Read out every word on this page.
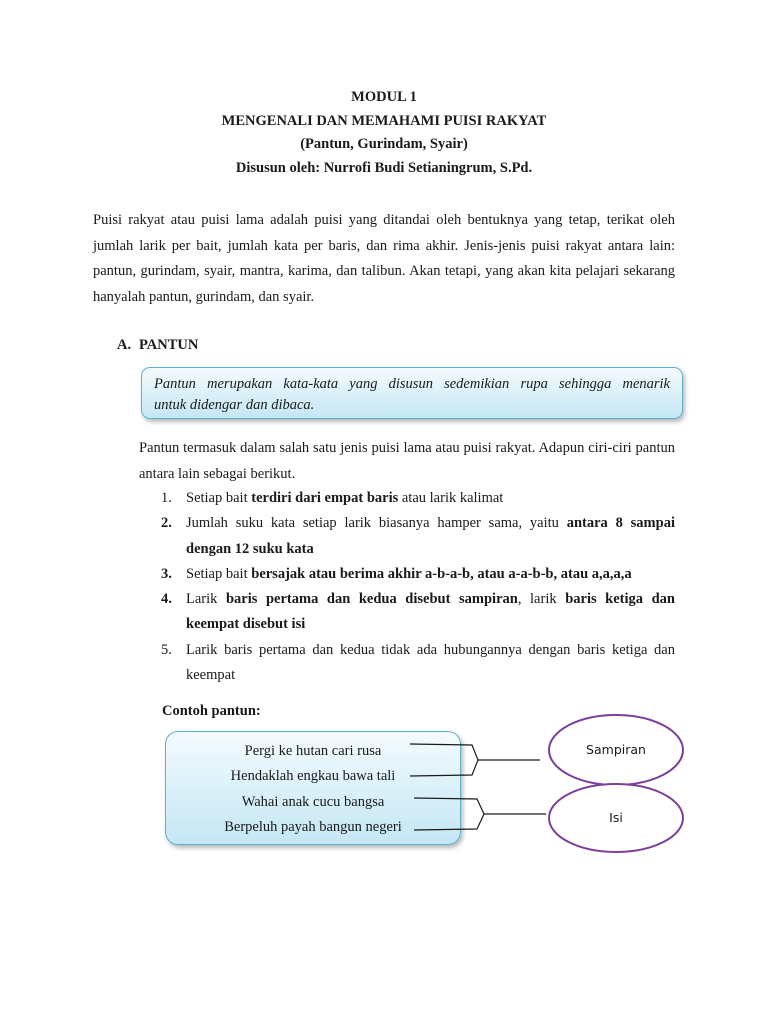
MODUL 1
MENGENALI DAN MEMAHAMI PUISI RAKYAT
(Pantun, Gurindam, Syair)
Disusun oleh: Nurrofi Budi Setianingrum, S.Pd.
Puisi rakyat atau puisi lama adalah puisi yang ditandai oleh bentuknya yang tetap, terikat oleh jumlah larik per bait, jumlah kata per baris, dan rima akhir. Jenis-jenis puisi rakyat antara lain: pantun, gurindam, syair, mantra, karima, dan talibun. Akan tetapi, yang akan kita pelajari sekarang hanyalah pantun, gurindam, dan syair.
A. PANTUN
Pantun merupakan kata-kata yang disusun sedemikian rupa sehingga menarik
untuk didengar dan dibaca.
Pantun termasuk dalam salah satu jenis puisi lama atau puisi rakyat. Adapun ciri-ciri pantun antara lain sebagai berikut.
1. Setiap bait terdiri dari empat baris atau larik kalimat
2. Jumlah suku kata setiap larik biasanya hamper sama, yaitu antara 8 sampai dengan 12 suku kata
3. Setiap bait bersajak atau berima akhir a-b-a-b, atau a-a-b-b, atau a,a,a,a
4. Larik baris pertama dan kedua disebut sampiran, larik baris ketiga dan keempat disebut isi
5. Larik baris pertama dan kedua tidak ada hubungannya dengan baris ketiga dan keempat
Contoh pantun:
Pergi ke hutan cari rusa
Hendaklah engkau bawa tali
Wahai anak cucu bangsa
Berpeluh payah bangun negeri
Sampiran
Isi
